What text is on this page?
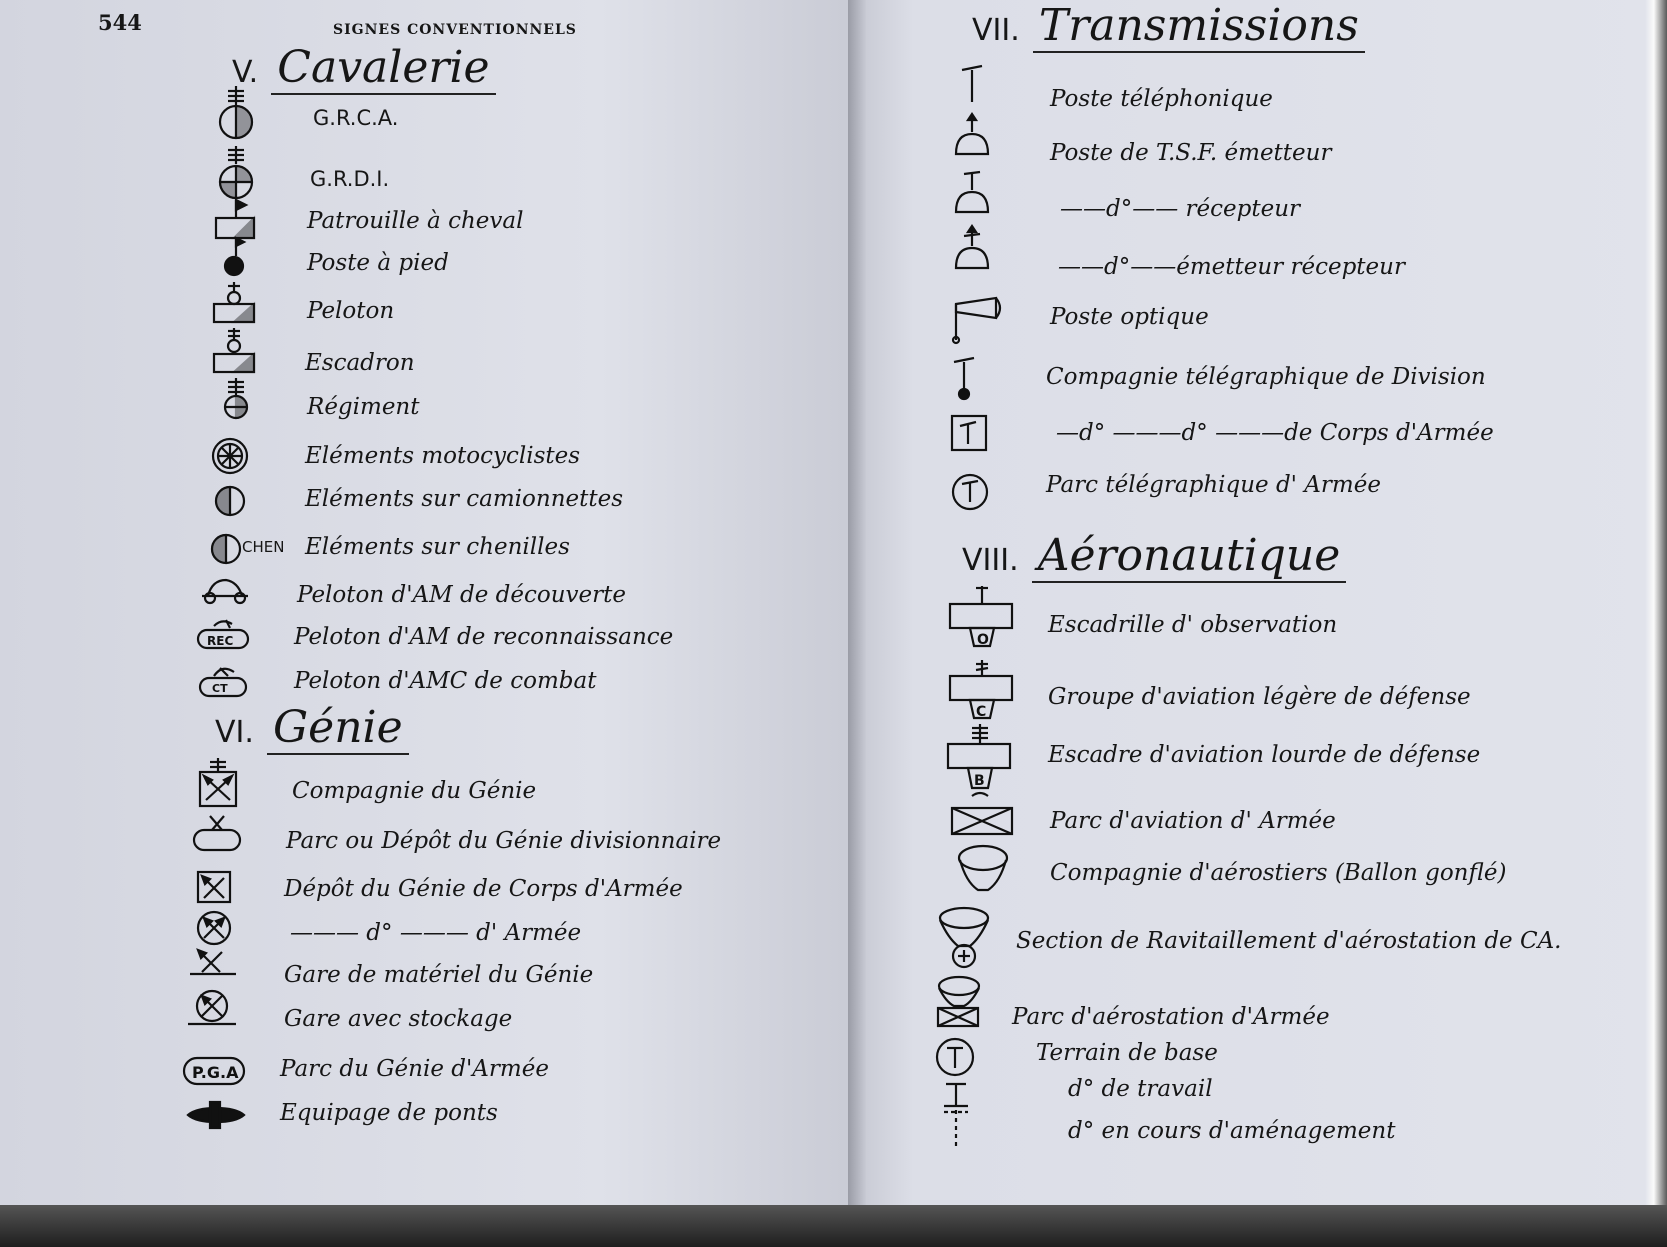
544	SIGNES CONVENTIONNELS
V. Cavalerie
G.R.C.A.
G.R.D.I.
Patrouille à cheval
Poste à pied
Peloton
Escadron
Régiment
Eléments motocyclistes
Eléments sur camionnettes
CHEN Eléments sur chenilles
Peloton d'AM de découverte
REC	Peloton d'AM de reconnaissance
CT	Peloton d'AMC de combat
VI. Génie
Compagnie du Génie
Parc ou Dépôt du Génie divisionnaire
Dépôt du Génie de Corps d'Armée
——— d° ——— d' Armée
Gare de matériel du Génie
Gare avec stockage
P.G.A Parc du Génie d'Armée
Equipage de ponts
VII. Transmissions
Poste téléphonique
Poste de T.S.F. émetteur
——d°—— récepteur
——d°——émetteur récepteur
Poste optique
Compagnie télégraphique de Division
—d° ———d° ———de Corps d'Armée
Parc télégraphique d' Armée
VIII. Aéronautique
O
Escadrille d' observation
C
Groupe d'aviation légère de défense
B
Escadre d'aviation lourde de défense
Parc d'aviation d' Armée
Compagnie d'aérostiers (Ballon gonflé)
Section de Ravitaillement d'aérostation de CA.
Parc d'aérostation d'Armée
Terrain de base
d° de travail
d° en cours d'aménagement
